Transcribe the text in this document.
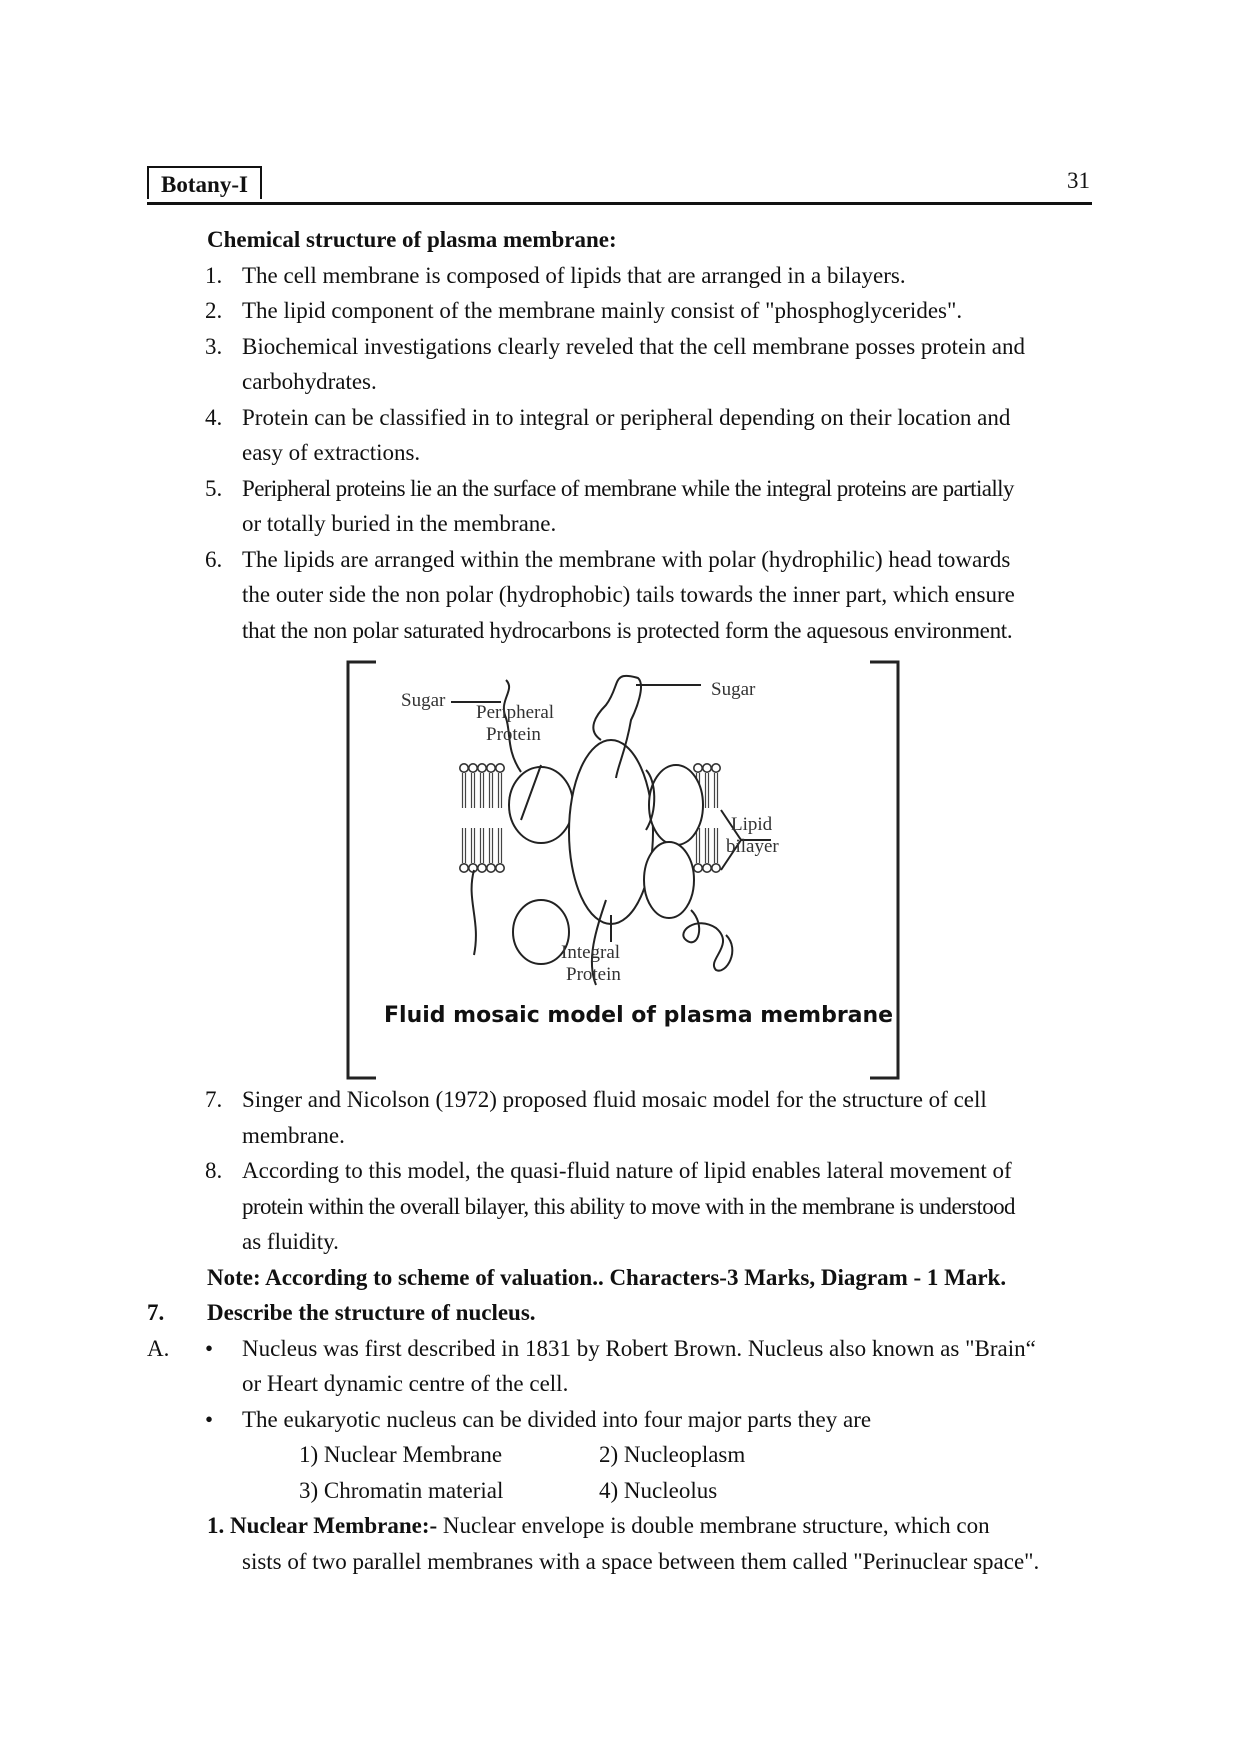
Botany-I	31
Chemical structure of plasma membrane:
1. The cell membrane is composed of lipids that are arranged in a bilayers.
2. The lipid component of the membrane mainly consist of "phosphoglycerides".
3. Biochemical investigations clearly reveled that the cell membrane posses protein and
carbohydrates.
4. Protein can be classified in to integral or peripheral depending on their location and
easy of extractions.
5. Peripheral proteins lie an the surface of membrane while the integral proteins are partially
or totally buried in the membrane.
6. The lipids are arranged within the membrane with polar (hydrophilic) head towards
the outer side the non polar (hydrophobic) tails towards the inner part, which ensure
that the non polar saturated hydrocarbons is protected form the aquesous environment.
7. Singer and Nicolson (1972) proposed fluid mosaic model for the structure of cell
membrane.
8. According to this model, the quasi-fluid nature of lipid enables lateral movement of
protein within the overall bilayer, this ability to move with in the membrane is understood
as fluidity.
Note: According to scheme of valuation.. Characters-3 Marks, Diagram - 1 Mark.
7. Describe the structure of nucleus.
A. • Nucleus was first described in 1831 by Robert Brown. Nucleus also known as "Brain“
or Heart dynamic centre of the cell.
• The eukaryotic nucleus can be divided into four major parts they are
1) Nuclear Membrane	2) Nucleoplasm
3) Chromatin material	4) Nucleolus
1. Nuclear Membrane:- Nuclear envelope is double membrane structure, which con
sists of two parallel membranes with a space between them called "Perinuclear space".
Sugar
Sugar
Peripheral
Protein
Lipid
bilayer
Integral
Protein
Fluid mosaic model of plasma membrane
